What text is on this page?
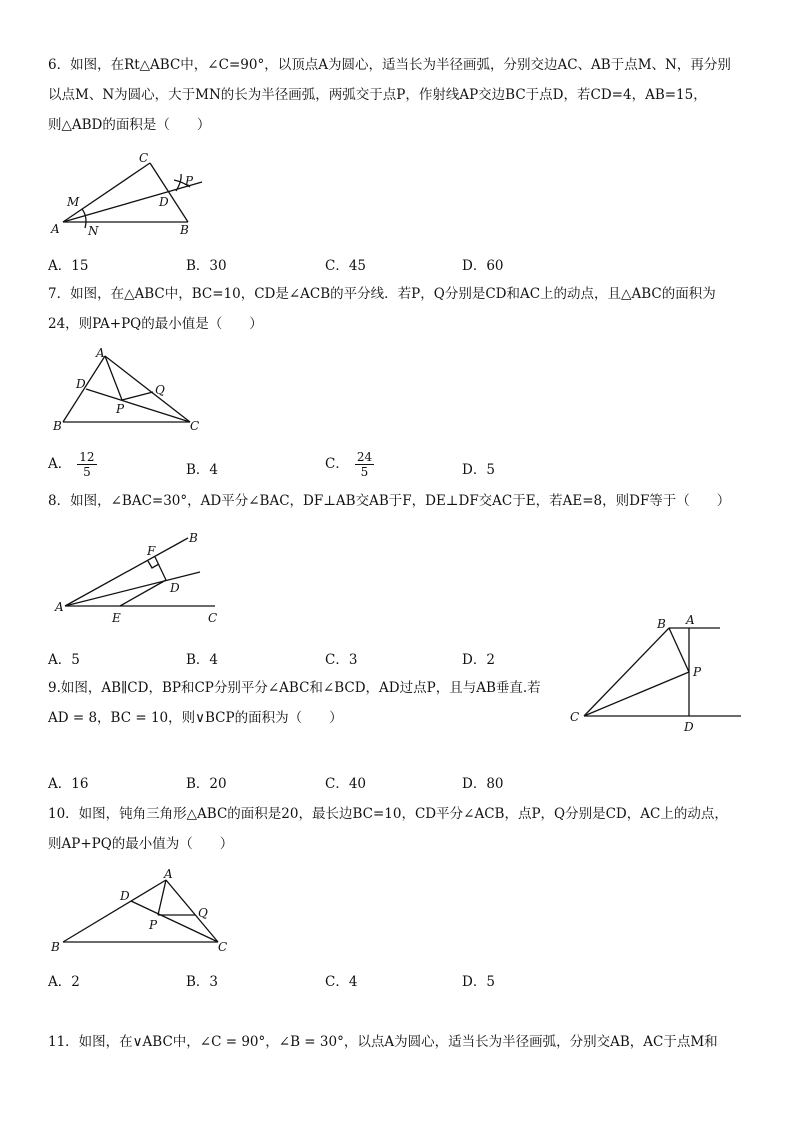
6．如图，在Rt△ABC中，∠C=90°，以顶点A为圆心，适当长为半径画弧，分别交边AC、AB于点M、N，再分别

以点M、N为圆心，大于MN的长为半径画弧，两弧交于点P，作射线AP交边BC于点D，若CD=4，AB=15，

则△ABD的面积是（　　）

C
P
M	D
A N	B
A．15	B．30	C．45	D．60

7．如图，在△ABC中，BC=10，CD是∠ACB的平分线．若P，Q分别是CD和AC上的动点，且△ABC的面积为

24，则PA+PQ的最小值是（　　）

A
D	Q
P
B	C
A． $\frac{12}{5}$	B．4	C． $\frac{24}{5}$	D．5

8．如图，∠BAC=30°，AD平分∠BAC，DF⊥AB交AB于F，DE⊥DF交AC于E，若AE=8，则DF等于（　　）

B
F
D
A
E	C
A．5	B．4	C．3	D．2

9.如图，AB∥CD，BP和CP分别平分∠ABC和∠BCD，AD过点P，且与AB垂直.若

AD = 8，BC = 10，则∨BCP的面积为（　　）

B A
P
C
D
A．16	B．20	C．40	D．80

10．如图，钝角三角形△ABC的面积是20，最长边BC=10，CD平分∠ACB，点P，Q分别是CD，AC上的动点，

则AP+PQ的最小值为（　　）

A
D
Q
P
B	C
A．2	B．3	C．4	D．5

11．如图，在∨ABC中，∠C = 90°，∠B = 30°，以点A为圆心，适当长为半径画弧，分别交AB，AC于点M和
